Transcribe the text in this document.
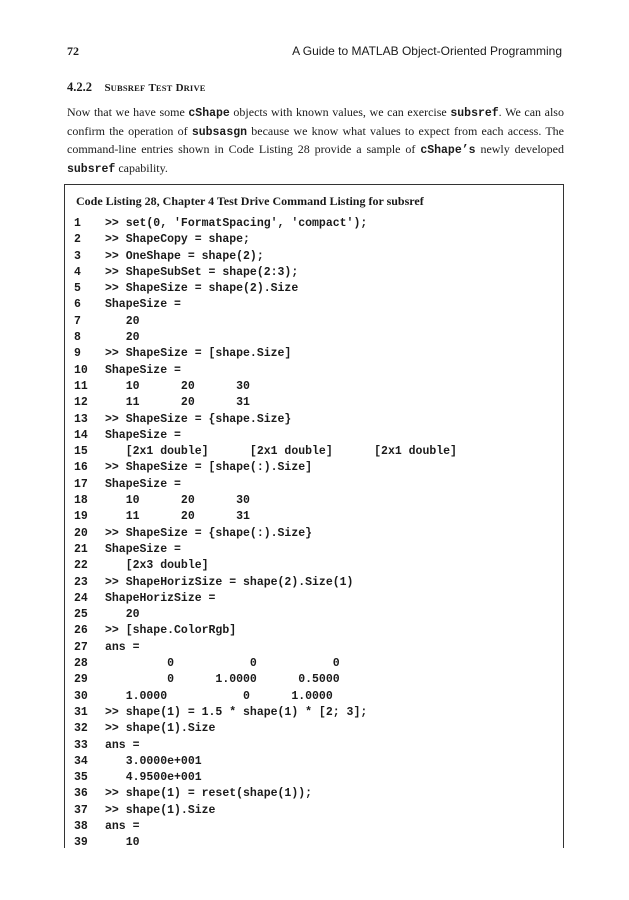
72	A Guide to MATLAB Object-Oriented Programming
4.2.2 SUBSREF TEST DRIVE

Now that we have some cShape objects with known values, we can exercise subsref. We can also confirm the operation of subsasgn because we know what values to expect from each access. The command-line entries shown in Code Listing 28 provide a sample of cShape’s newly developed subsref capability.

Code Listing 28, Chapter 4 Test Drive Command Listing for subsref
1	>> set(0, 'FormatSpacing', 'compact');
2	>> ShapeCopy = shape;
3	>> OneShape = shape(2);
4	>> ShapeSubSet = shape(2:3);
5	>> ShapeSize = shape(2).Size
6	ShapeSize =
7	20
8	20
9	>> ShapeSize = [shape.Size]
10	ShapeSize =
11	10      20      30
12	11      20      31
13	>> ShapeSize = {shape.Size}
14	ShapeSize =
15	[2x1 double]      [2x1 double]      [2x1 double]
16	>> ShapeSize = [shape(:).Size]
17	ShapeSize =
18	10      20      30
19	11      20      31
20	>> ShapeSize = {shape(:).Size}
21	ShapeSize =
22	[2x3 double]
23	>> ShapeHorizSize = shape(2).Size(1)
24	ShapeHorizSize =
25	20
26	>> [shape.ColorRgb]
27	ans =
28	0           0           0
29	0      1.0000      0.5000
30	1.0000           0      1.0000
31	>> shape(1) = 1.5 * shape(1) * [2; 3];
32	>> shape(1).Size
33	ans =
34	3.0000e+001
35	4.9500e+001
36	>> shape(1) = reset(shape(1));
37	>> shape(1).Size
38	ans =
39	10
